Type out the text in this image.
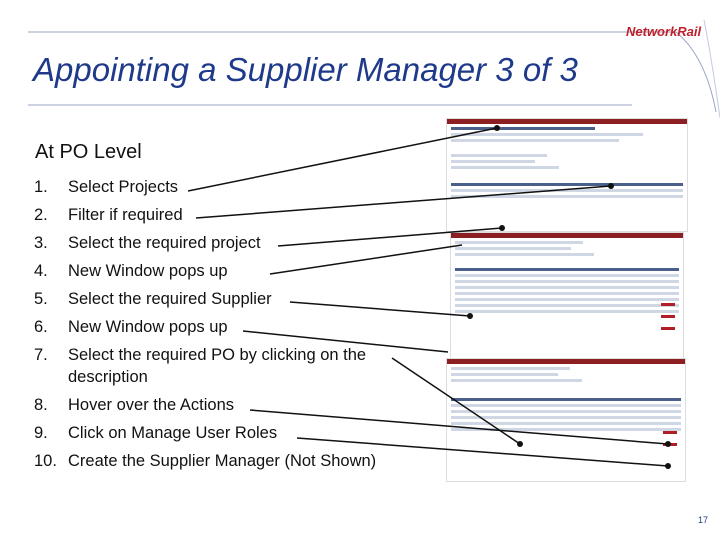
NetworkRail
Appointing a Supplier Manager 3 of 3
At PO Level
1.	Select Projects
2.	Filter if required
3.	Select the required project
4.	New Window pops up
5.	Select the required Supplier
6.	New Window pops up
7.	Select the required PO by clicking on the description
8.	Hover over the Actions
9.	Click on Manage User Roles
10. Create the Supplier Manager (Not Shown)
17
